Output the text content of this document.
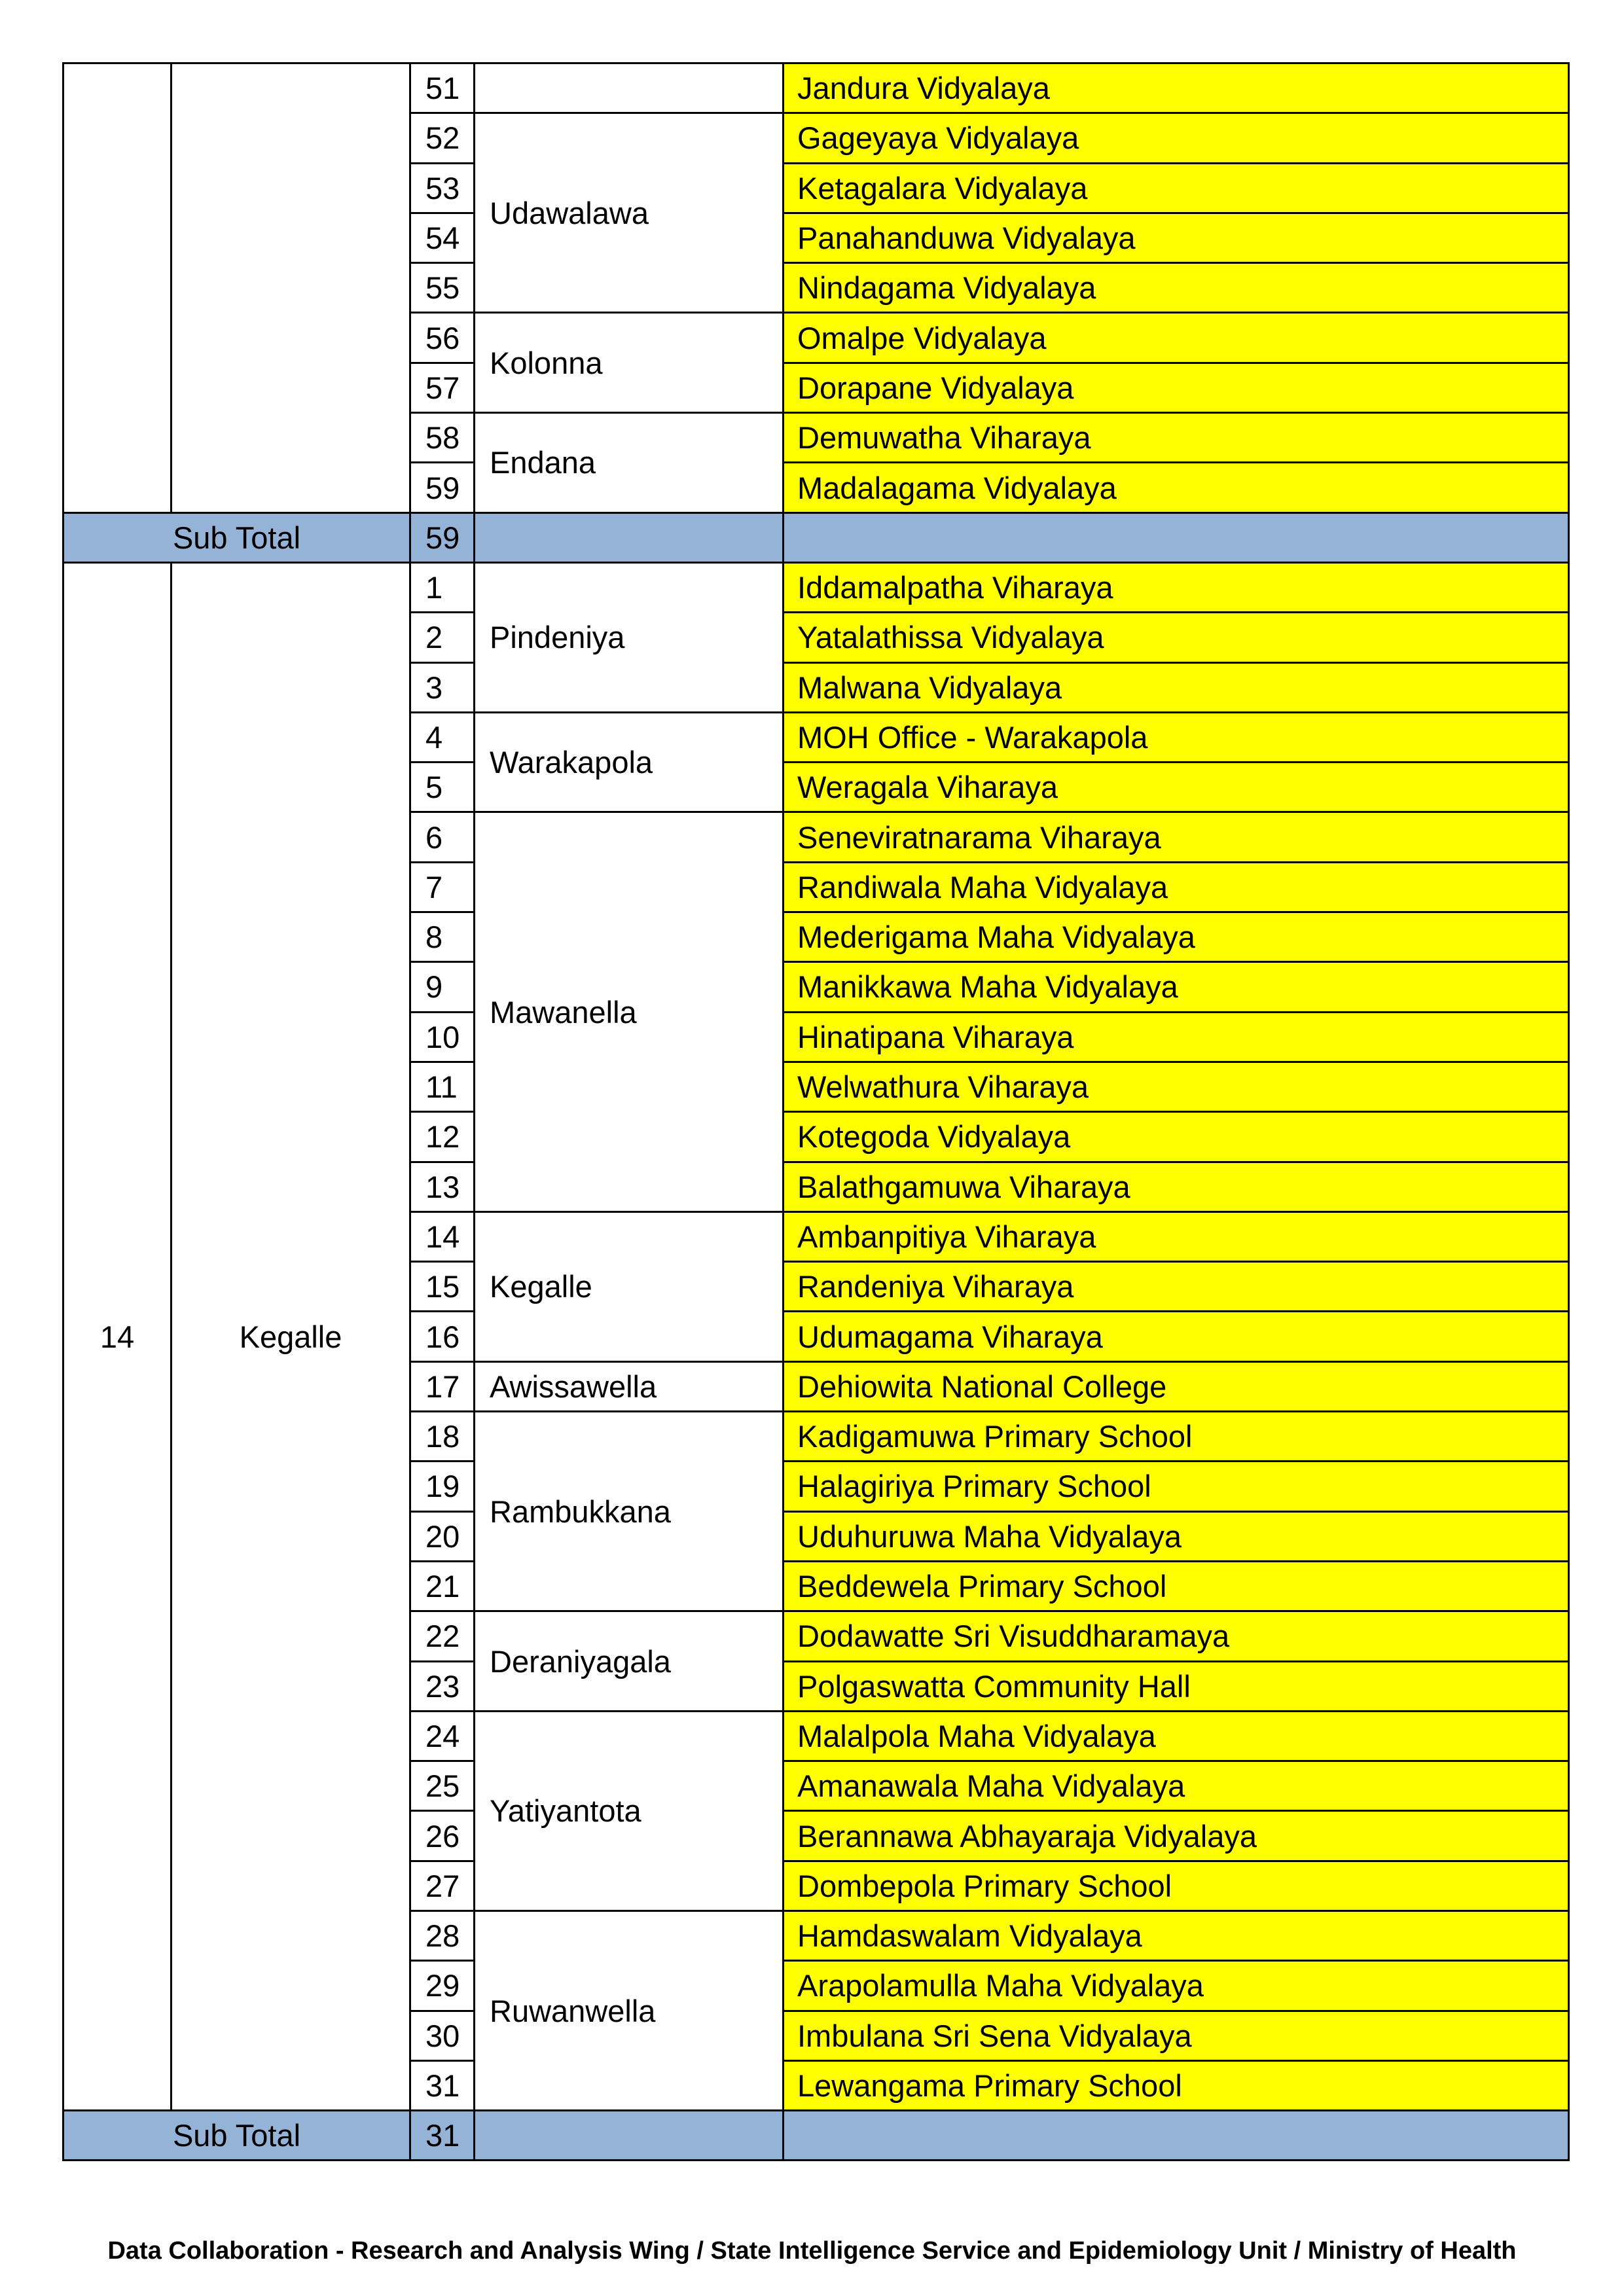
		51		Jandura Vidyalaya
		52	Udawalawa	Gageyaya Vidyalaya
		53		Ketagalara Vidyalaya
		54		Panahanduwa Vidyalaya
		55		Nindagama Vidyalaya
		56	Kolonna	Omalpe Vidyalaya
		57		Dorapane Vidyalaya
		58	Endana	Demuwatha Viharaya
		59		Madalagama Vidyalaya
Sub Total		59		
14	Kegalle	1	Pindeniya	Iddamalpatha Viharaya
		2		Yatalathissa Vidyalaya
		3		Malwana Vidyalaya
		4	Warakapola	MOH Office - Warakapola
		5		Weragala Viharaya
		6	Mawanella	Seneviratnarama Viharaya
		7		Randiwala Maha Vidyalaya
		8		Mederigama Maha Vidyalaya
		9		Manikkawa Maha Vidyalaya
		10		Hinatipana Viharaya
		11		Welwathura Viharaya
		12		Kotegoda Vidyalaya
		13		Balathgamuwa Viharaya
		14	Kegalle	Ambanpitiya Viharaya
		15		Randeniya Viharaya
		16		Udumagama Viharaya
		17	Awissawella	Dehiowita National College
		18	Rambukkana	Kadigamuwa Primary School
		19		Halagiriya Primary School
		20		Uduhuruwa Maha Vidyalaya
		21		Beddewela Primary School
		22	Deraniyagala	Dodawatte Sri Visuddharamaya
		23		Polgaswatta Community Hall
		24	Yatiyantota	Malalpola Maha Vidyalaya
		25		Amanawala Maha Vidyalaya
		26		Berannawa Abhayaraja Vidyalaya
		27		Dombepola Primary School
		28	Ruwanwella	Hamdaswalam Vidyalaya
		29		Arapolamulla Maha Vidyalaya
		30		Imbulana Sri Sena Vidyalaya
		31		Lewangama Primary School
Sub Total		31		
Data Collaboration - Research and Analysis Wing / State Intelligence Service and Epidemiology Unit / Ministry of Health
